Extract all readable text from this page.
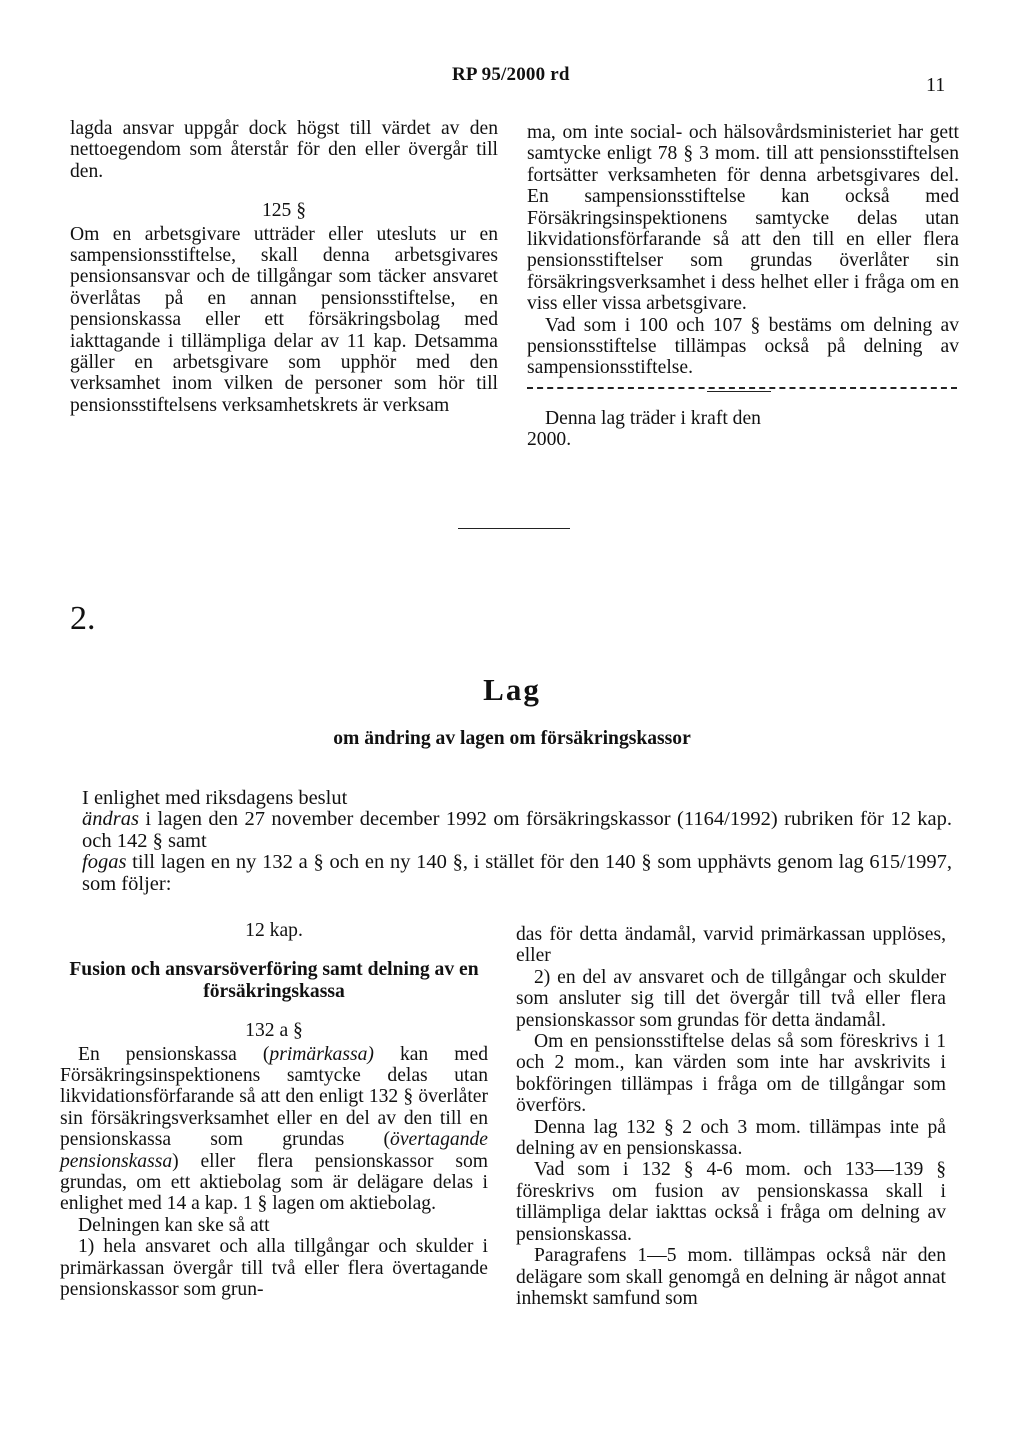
RP 95/2000 rd	11

lagda ansvar uppgår dock högst till värdet av den nettoegendom som återstår för den eller övergår till den.

125 §

Om en arbetsgivare utträder eller utesluts ur en sampensionsstiftelse, skall denna arbetsgivares pensionsansvar och de tillgångar som täcker ansvaret överlåtas på en annan pensionsstiftelse, en pensionskassa eller ett försäkringsbolag med iakttagande i tillämpliga delar av 11 kap. Detsamma gäller en arbetsgivare som upphör med den verksamhet inom vilken de personer som hör till pensionsstiftelsens verksamhetskrets är verksam

ma, om inte social- och hälsovårdsministeriet har gett samtycke enligt 78 § 3 mom. till att pensionsstiftelsen fortsätter verksamheten för denna arbetsgivares del. En sampensionsstiftelse kan också med Försäkringsinspektionens samtycke delas utan likvidationsförfarande så att den till en eller flera pensionsstiftelser som grundas överlåter sin försäkringsverksamhet i dess helhet eller i fråga om en viss eller vissa arbetsgivare.

Vad som i 100 och 107 § bestäms om delning av pensionsstiftelse tillämpas också på delning av sampensionsstiftelse.

Denna lag träder i kraft den

2000.

2.
Lag
om ändring av lagen om försäkringskassor

I enlighet med riksdagens beslut

ändras i lagen den 27 november december 1992 om försäkringskassor (1164/1992) rubriken för 12 kap. och 142 § samt

fogas till lagen en ny 132 a § och en ny 140 §, i stället för den 140 § som upphävts genom lag 615/1997, som följer:

12 kap.

Fusion och ansvarsöverföring samt delning av en försäkringskassa

132 a §

En pensionskassa (primärkassa) kan med Försäkringsinspektionens samtycke delas utan likvidationsförfarande så att den enligt 132 § överlåter sin försäkringsverksamhet eller en del av den till en pensionskassa som grundas (övertagande pensionskassa) eller flera pensionskassor som grundas, om ett aktiebolag som är delägare delas i enlighet med 14 a kap. 1 § lagen om aktiebolag.

Delningen kan ske så att

1) hela ansvaret och alla tillgångar och skulder i primärkassan övergår till två eller flera övertagande pensionskassor som grun-

das för detta ändamål, varvid primärkassan upplöses, eller

2) en del av ansvaret och de tillgångar och skulder som ansluter sig till det övergår till två eller flera pensionskassor som grundas för detta ändamål.

Om en pensionsstiftelse delas så som föreskrivs i 1 och 2 mom., kan värden som inte har avskrivits i bokföringen tillämpas i fråga om de tillgångar som överförs.

Denna lag 132 § 2 och 3 mom. tillämpas inte på delning av en pensionskassa.

Vad som i 132 § 4-6 mom. och 133—139 § föreskrivs om fusion av pensionskassa skall i tillämpliga delar iakttas också i fråga om delning av pensionskassa.

Paragrafens 1—5 mom. tillämpas också när den delägare som skall genomgå en delning är något annat inhemskt samfund som
